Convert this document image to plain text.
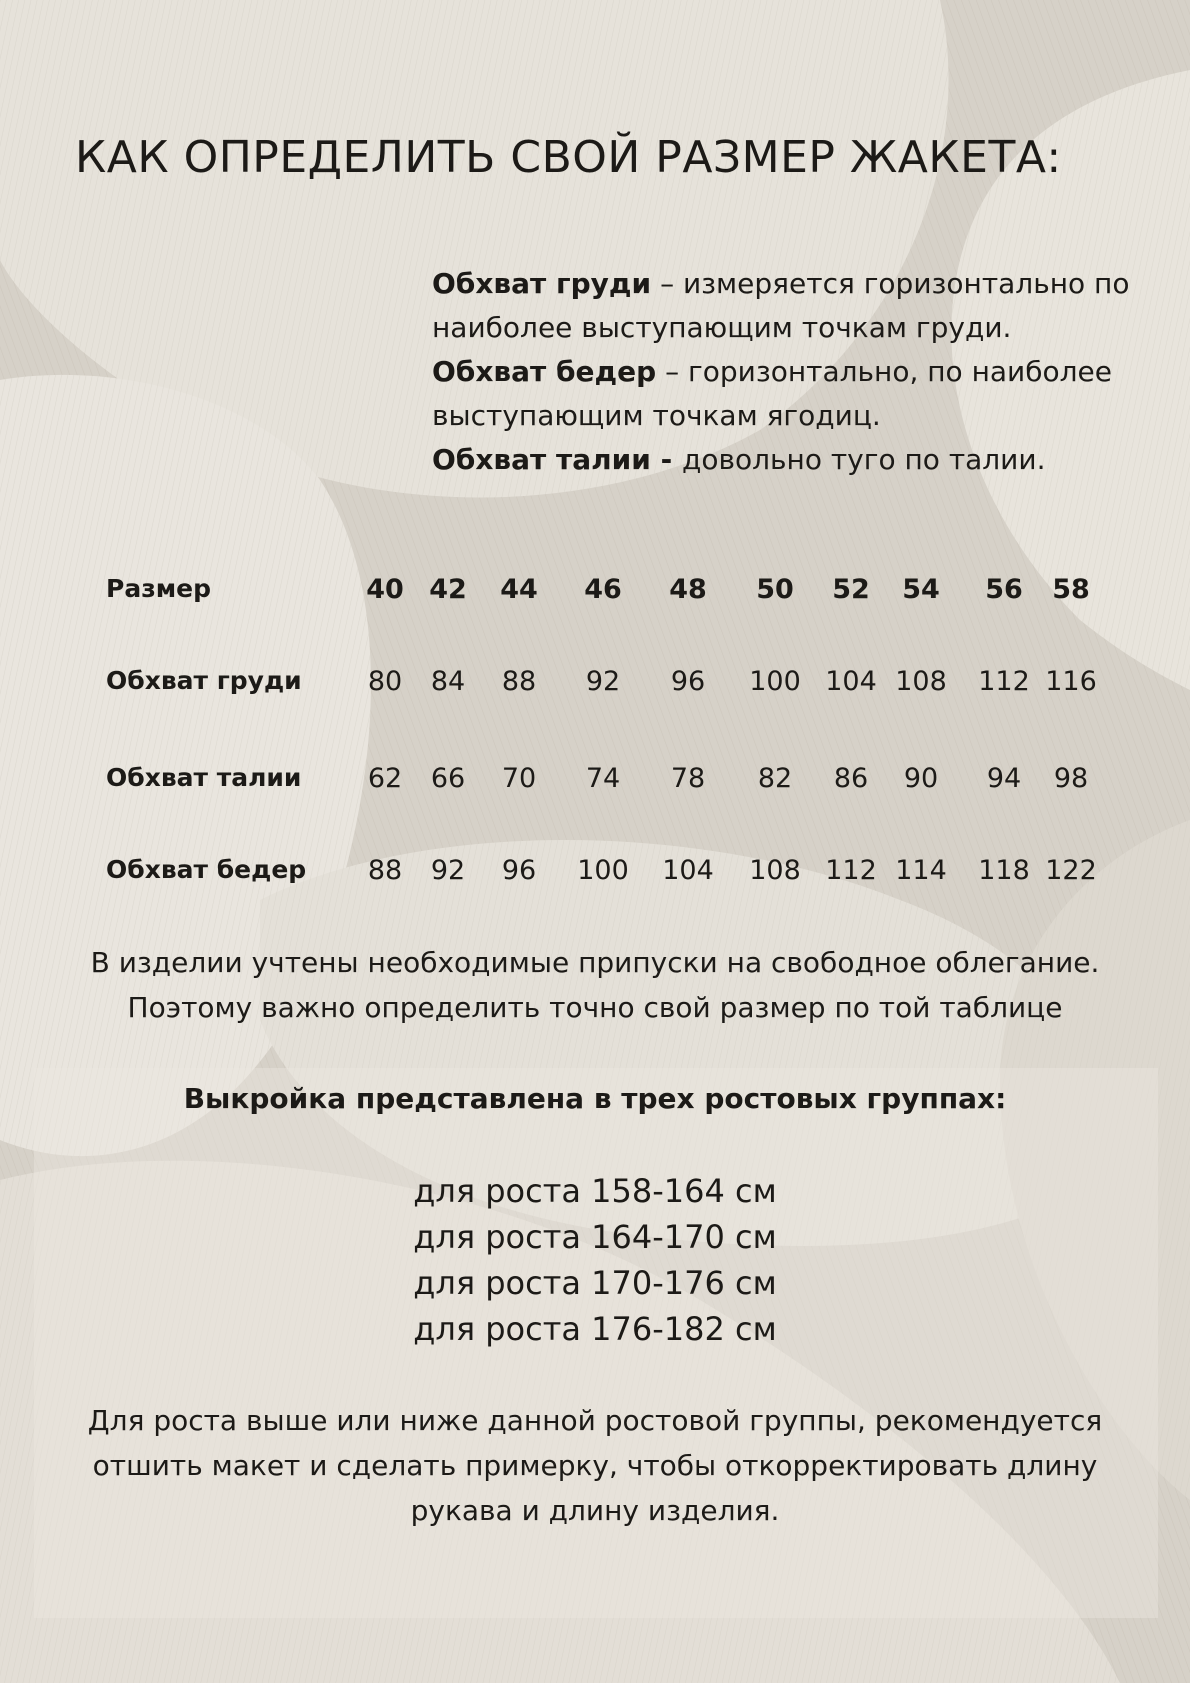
КАК ОПРЕДЕЛИТЬ СВОЙ РАЗМЕР ЖАКЕТА:
Обхват груди – измеряется горизонтально по
наиболее выступающим точкам груди.
Обхват бедер – горизонтально, по наиболее
выступающим точкам ягодиц.
Обхват талии - довольно туго по талии.
Размер
Обхват груди
Обхват талии
Обхват бедер
40 42 44 46 48 50 52 54 56 58
80 84 88 92 96 100 104 108 112 116
62 66 70 74 78 82 86 90 94 98
88 92 96 100 104 108 112 114 118 122
В изделии учтены необходимые припуски на свободное облегание.
Поэтому важно определить точно свой размер по той таблице
Выкройка представлена в трех ростовых группах:
для роста 158-164 см
для роста 164-170 см
для роста 170-176 см
для роста 176-182 см
Для роста выше или ниже данной ростовой группы, рекомендуется
отшить макет и сделать примерку, чтобы откорректировать длину
рукава и длину изделия.
